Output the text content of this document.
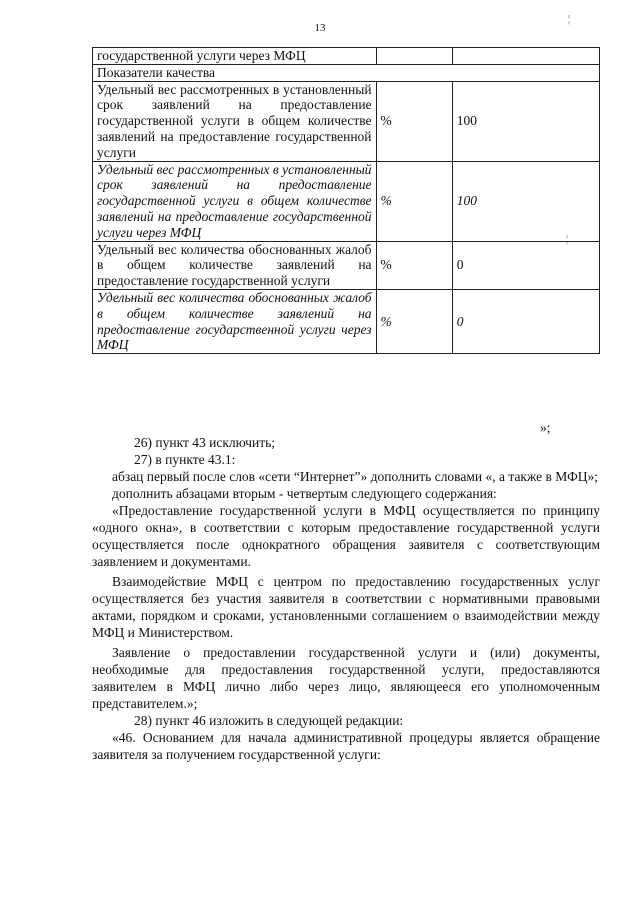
13
¦
¦
государственной услуги через МФЦ		
Показатели качества		
Удельный вес рассмотренных в установленный срок заявлений на предоставление государственной услуги в общем количестве заявлений на предоставление государственной услуги	%	100
Удельный вес рассмотренных в установленный срок заявлений на предоставление государственной услуги в общем количестве заявлений на предоставление государственной услуги через МФЦ	%	100
Удельный вес количества обоснованных жалоб в общем количестве заявлений на предоставление государственной услуги	%	0
Удельный вес количества обоснованных жалоб в общем количестве заявлений на предоставление государственной услуги через МФЦ	%	0
»;

26) пункт 43 исключить;

27) в пункте 43.1:

абзац первый после слов «сети “Интернет”» дополнить словами «, а также в МФЦ»;

дополнить абзацами вторым - четвертым следующего содержания:

«Предоставление государственной услуги в МФЦ осуществляется по принципу «одного окна», в соответствии с которым предоставление государственной услуги осуществляется после однократного обращения заявителя с соответствующим заявлением и документами.

Взаимодействие МФЦ с центром по предоставлению государственных услуг осуществляется без участия заявителя в соответствии с нормативными правовыми актами, порядком и сроками, установленными соглашением о взаимодействии между МФЦ и Министерством.

Заявление о предоставлении государственной услуги и (или) документы, необходимые для предоставления государственной услуги, предоставляются заявителем в МФЦ лично либо через лицо, являющееся его уполномоченным представителем.»;

28) пункт 46 изложить в следующей редакции:

«46. Основанием для начала административной процедуры является обращение заявителя за получением государственной услуги:
